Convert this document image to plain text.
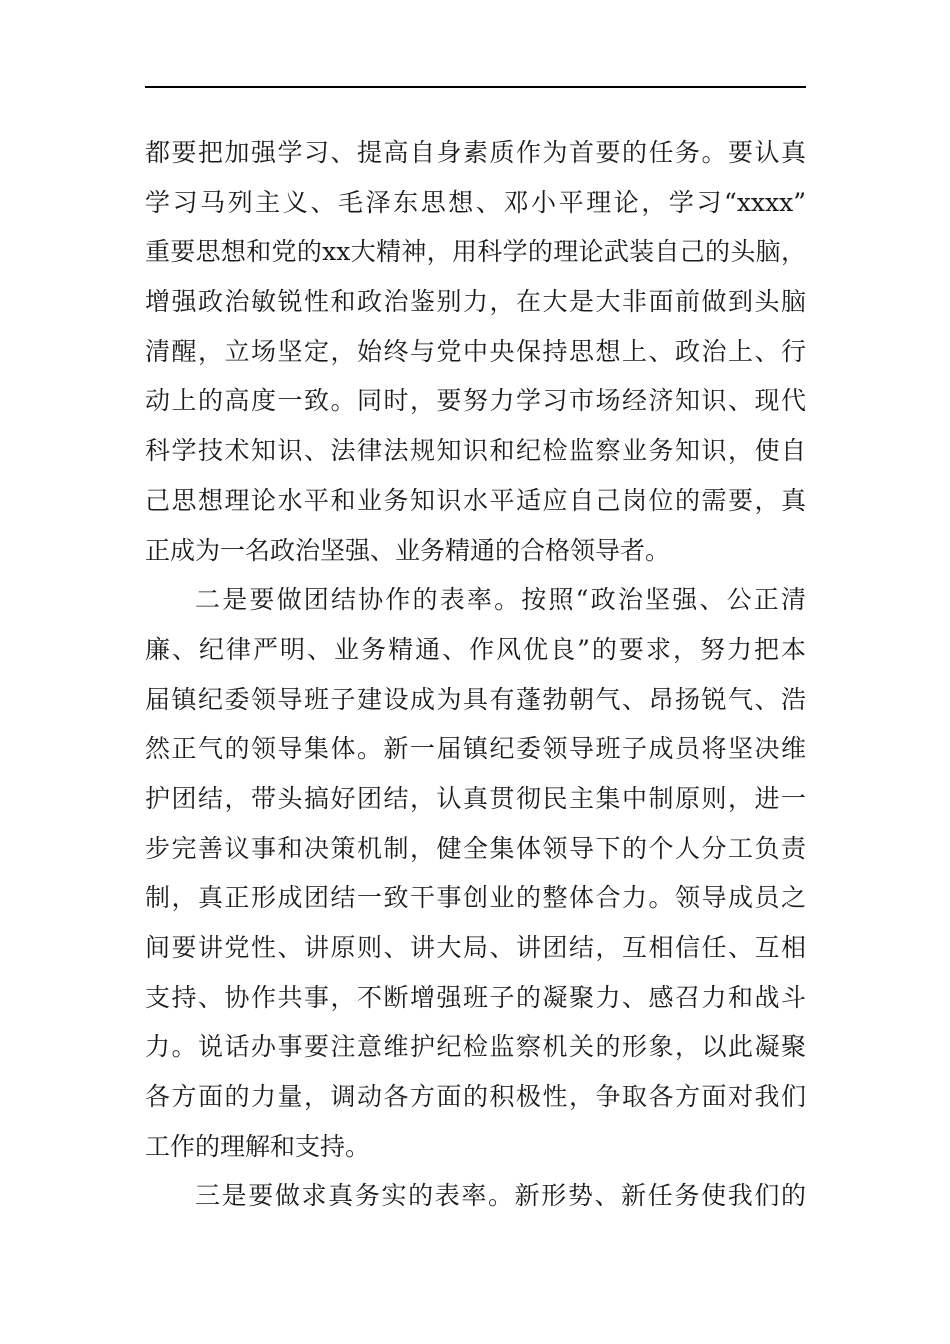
都要把加强学习、提高自身素质作为首要的任务。要认真
学习马列主义、毛泽东思想、邓小平理论，学习“xxxx”
重要思想和党的xx大精神，用科学的理论武装自己的头脑，
增强政治敏锐性和政治鉴别力，在大是大非面前做到头脑
清醒，立场坚定，始终与党中央保持思想上、政治上、行
动上的高度一致。同时，要努力学习市场经济知识、现代
科学技术知识、法律法规知识和纪检监察业务知识，使自
己思想理论水平和业务知识水平适应自己岗位的需要，真
正成为一名政治坚强、业务精通的合格领导者。
二是要做团结协作的表率。按照“政治坚强、公正清
廉、纪律严明、业务精通、作风优良”的要求，努力把本
届镇纪委领导班子建设成为具有蓬勃朝气、昂扬锐气、浩
然正气的领导集体。新一届镇纪委领导班子成员将坚决维
护团结，带头搞好团结，认真贯彻民主集中制原则，进一
步完善议事和决策机制，健全集体领导下的个人分工负责
制，真正形成团结一致干事创业的整体合力。领导成员之
间要讲党性、讲原则、讲大局、讲团结，互相信任、互相
支持、协作共事，不断增强班子的凝聚力、感召力和战斗
力。说话办事要注意维护纪检监察机关的形象，以此凝聚
各方面的力量，调动各方面的积极性，争取各方面对我们
工作的理解和支持。
三是要做求真务实的表率。新形势、新任务使我们的
